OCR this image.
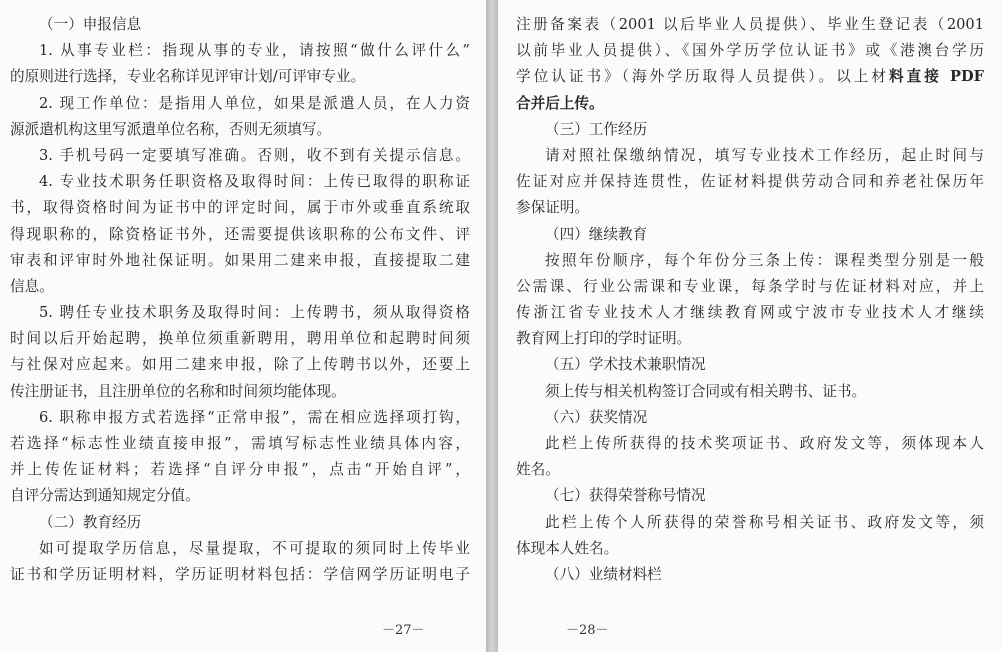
（一）申报信息
1. 从事专业栏：指现从事的专业，请按照“做什么评什么”
的原则进行选择，专业名称详见评审计划/可评审专业。
2. 现工作单位：是指用人单位，如果是派遣人员，在人力资
源派遣机构这里写派遣单位名称，否则无须填写。
3. 手机号码一定要填写准确。否则，收不到有关提示信息。
4. 专业技术职务任职资格及取得时间：上传已取得的职称证
书，取得资格时间为证书中的评定时间，属于市外或垂直系统取
得现职称的，除资格证书外，还需要提供该职称的公布文件、评
审表和评审时外地社保证明。如果用二建来申报，直接提取二建
信息。
5. 聘任专业技术职务及取得时间：上传聘书，须从取得资格
时间以后开始起聘，换单位须重新聘用，聘用单位和起聘时间须
与社保对应起来。如用二建来申报，除了上传聘书以外，还要上
传注册证书，且注册单位的名称和时间须均能体现。
6. 职称申报方式若选择“正常申报”，需在相应选择项打钩，
若选择“标志性业绩直接申报”，需填写标志性业绩具体内容，
并上传佐证材料；若选择“自评分申报”，点击“开始自评”，
自评分需达到通知规定分值。
（二）教育经历
如可提取学历信息，尽量提取，不可提取的须同时上传毕业
证书和学历证明材料，学历证明材料包括：学信网学历证明电子
－27－
注册备案表（2001 以后毕业人员提供）、毕业生登记表（2001
以前毕业人员提供）、《国外学历学位认证书》或《港澳台学历
学位认证书》（海外学历取得人员提供）。以上材料直接 PDF
合并后上传。
（三）工作经历
请对照社保缴纳情况，填写专业技术工作经历，起止时间与
佐证对应并保持连贯性，佐证材料提供劳动合同和养老社保历年
参保证明。
（四）继续教育
按照年份顺序，每个年份分三条上传：课程类型分别是一般
公需课、行业公需课和专业课，每条学时与佐证材料对应，并上
传浙江省专业技术人才继续教育网或宁波市专业技术人才继续
教育网上打印的学时证明。
（五）学术技术兼职情况
须上传与相关机构签订合同或有相关聘书、证书。
（六）获奖情况
此栏上传所获得的技术奖项证书、政府发文等，须体现本人
姓名。
（七）获得荣誉称号情况
此栏上传个人所获得的荣誉称号相关证书、政府发文等，须
体现本人姓名。
（八）业绩材料栏
－28－
